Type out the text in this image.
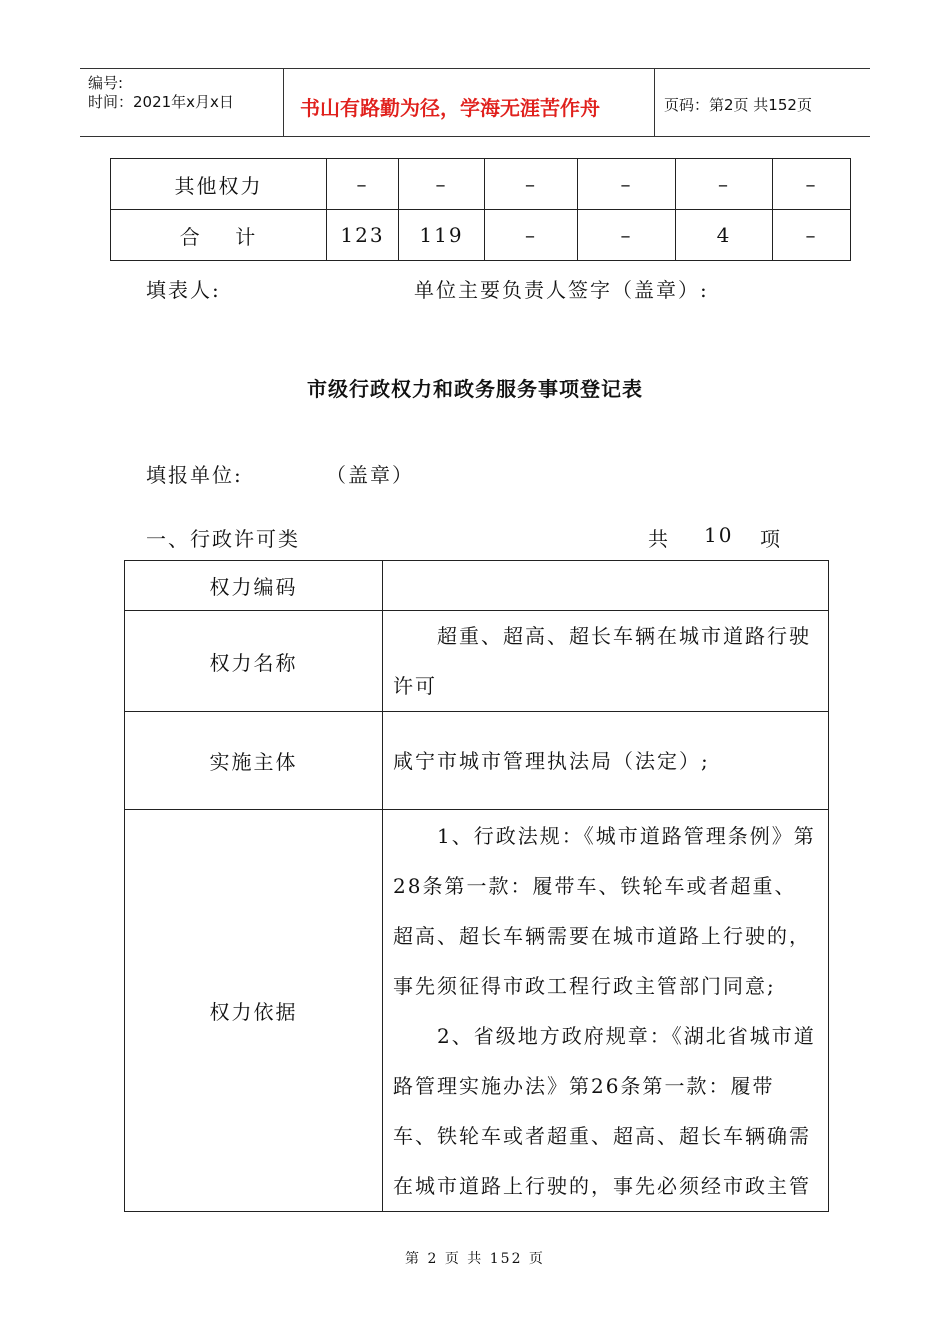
编号:
时间：2021年x月x日	书山有路勤为径，学海无涯苦作舟	页码：第2页 共152页
其他权力	–	–	–	–	–	–
合    计	123	119	–	–	4	–
填表人:	单位主要负责人签字（盖章）:
市级行政权力和政务服务事项登记表
填报单位:	（盖章）
一、行政许可类	共 10 项
权力编码	
权力名称	超重、超高、超长车辆在城市道路行驶许可
实施主体	咸宁市城市管理执法局（法定）;
权力依据	1、行政法规：《城市道路管理条例》第28条第一款：履带车、铁轮车或者超重、超高、超长车辆需要在城市道路上行驶的，事先须征得市政工程行政主管部门同意;
2、省级地方政府规章：《湖北省城市道路管理实施办法》第26条第一款：履带车、铁轮车或者超重、超高、超长车辆确需在城市道路上行驶的，事先必须经市政主管
第 2 页 共 152 页
